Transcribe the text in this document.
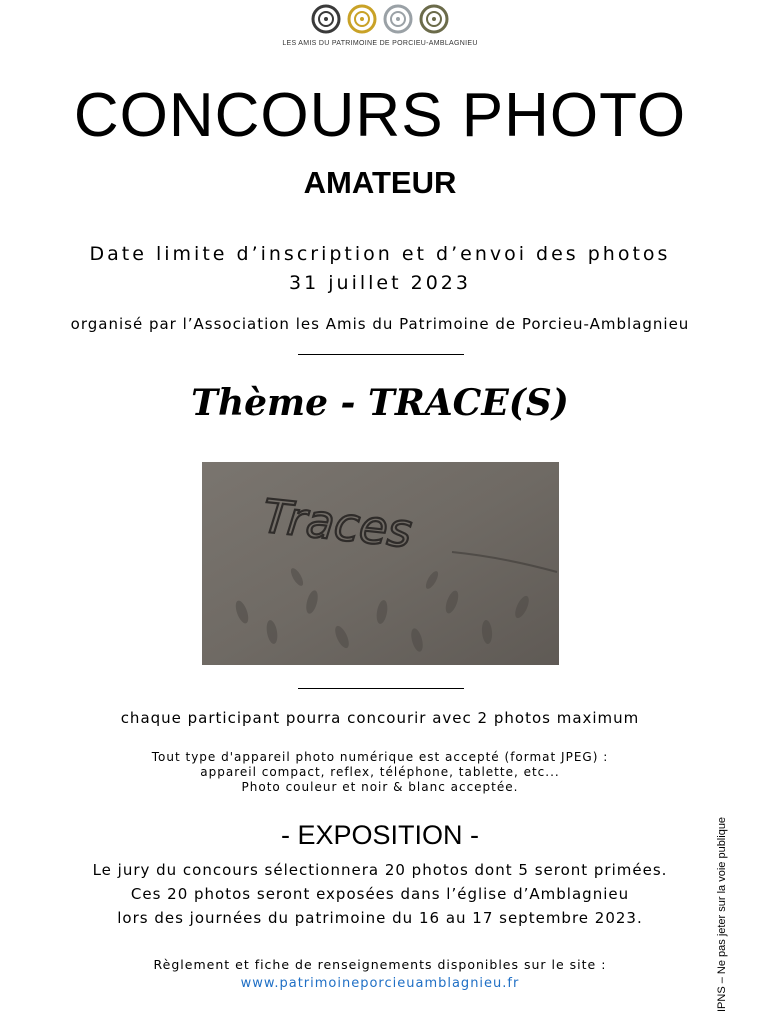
LES AMIS DU PATRIMOINE DE PORCIEU-AMBLAGNIEU
CONCOURS PHOTO
AMATEUR
Date limite d’inscription et d’envoi des photos
31 juillet 2023
organisé par l’Association les Amis du Patrimoine de Porcieu-Amblagnieu
Thème - TRACE(S)
Traces
chaque participant pourra concourir avec 2 photos maximum
Tout type d'appareil photo numérique est accepté (format JPEG) :
appareil compact, reflex, téléphone, tablette, etc...
Photo couleur et noir & blanc acceptée.
- EXPOSITION -
Le jury du concours sélectionnera 20 photos dont 5 seront primées.
Ces 20 photos seront exposées dans l’église d’Amblagnieu
lors des journées du patrimoine du 16 au 17 septembre 2023.
Règlement et fiche de renseignements disponibles sur le site :
www.patrimoineporcieuamblagnieu.fr	IPNS – Ne pas jeter sur la voie publique
